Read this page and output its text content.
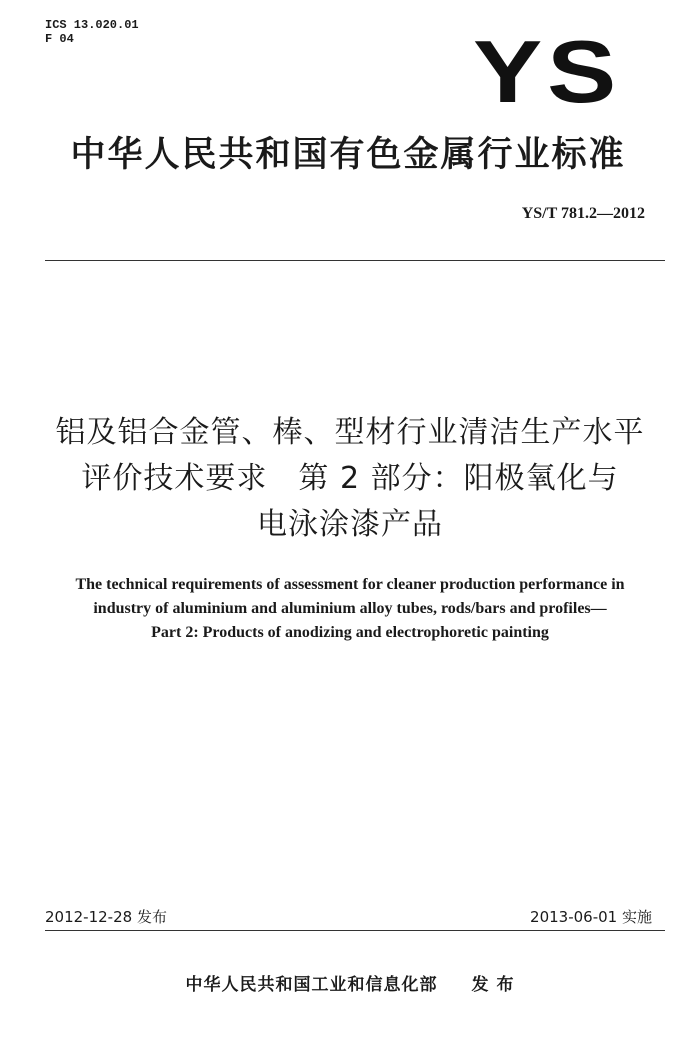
ICS 13.020.01
F 04	YS
中华人民共和国有色金属行业标准
YS/T 781.2—2012
铝及铝合金管、棒、型材行业清洁生产水平
评价技术要求　第 2 部分：阳极氧化与
电泳涂漆产品
The technical requirements of assessment for cleaner production performance in
industry of aluminium and aluminium alloy tubes, rods/bars and profiles—
Part 2: Products of anodizing and electrophoretic painting
2012-12-28 发布	2013-06-01 实施
中华人民共和国工业和信息化部 发 布
